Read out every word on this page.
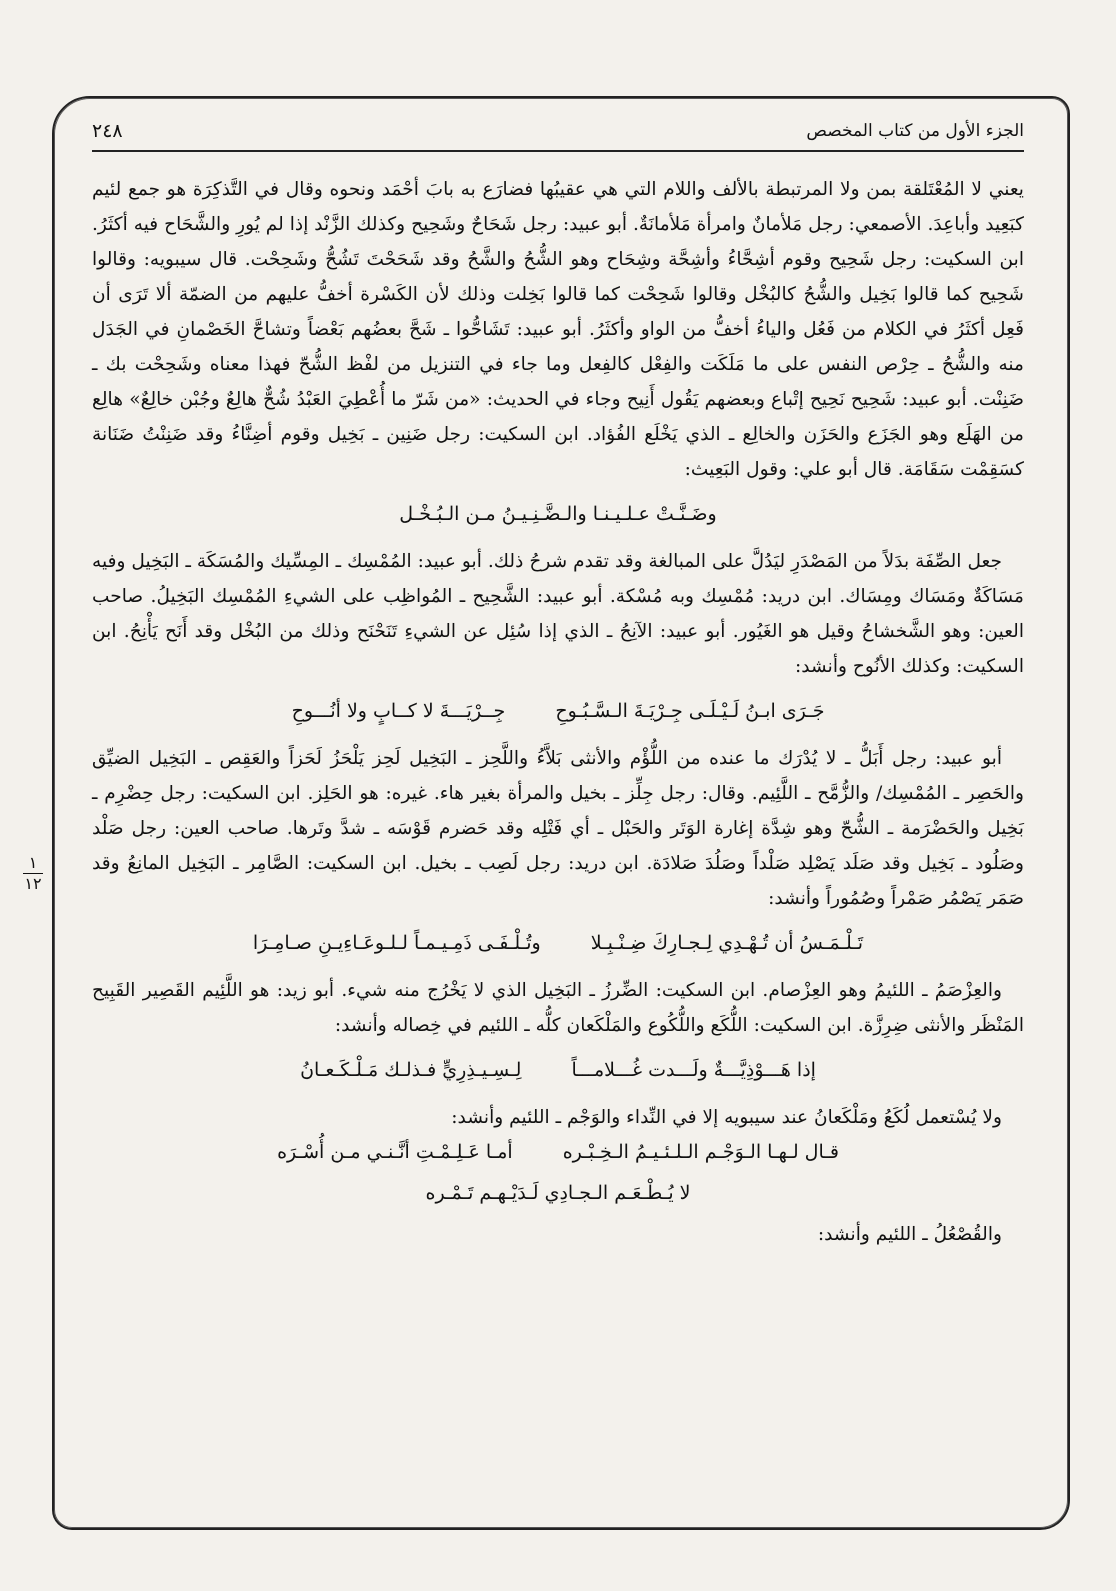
الجزء الأول من كتاب المخصص
٢٤٨
١
١٢

يعني لا المُعْتَلقة بمن ولا المرتبطة بالألف واللام التي هي عقيبُها فضارَع به بابَ أحْمَد ونحوه وقال في التَّذكِرَة هو جمع لئيم كبَعِيد وأباعِدَ. الأصمعي: رجل مَلأمانٌ وامرأة مَلأمانَةٌ. أبو عبيد: رجل شَحَاحٌ وشَحِيح وكذلك الزَّنْد إذا لم يُورِ والشَّحَاح فيه أكثَرُ. ابن السكيت: رجل شَحِيح وقوم أشِحَّاءُ وأشِحَّة وشِحَاح وهو الشُّحُ والشَّحُ وقد شَحَحْتَ تَشُحُّ وشَحِحْت. قال سيبويه: وقالوا شَحِيح كما قالوا بَخِيل والشُّحُ كالبُخْل وقالوا شَحِحْت كما قالوا بَخِلت وذلك لأن الكَسْرة أخفُّ عليهم من الضمّة ألا تَرَى أن فَعِل أكثَرُ في الكلام من فَعُل والياءُ أخفُّ من الواو وأكثَرُ. أبو عبيد: تَشَاحُّوا ـ شَحَّ بعضُهم بَعْضاً وتشاحَّ الخَصْمانِ في الجَدَل منه والشُّحُ ـ حِرْص النفس على ما مَلَكَت والفِعْل كالفِعل وما جاء في التنزيل من لفْظ الشُّحّ فهذا معناه وشَحِحْت بك ـ ضَنِنْت. أبو عبيد: شَحِيح نَحِيح إتْباع وبعضهم يَقُول أَنِيح وجاء في الحديث: «من شَرّ ما أُعْطِيَ العَبْدُ شُحٌّ هالِعٌ وجُبْن خالِعٌ» هالِع من الهَلَع وهو الجَزَع والحَزَن والخالِع ـ الذي يَخْلَع الفُؤاد. ابن السكيت: رجل ضَنِين ـ بَخِيل وقوم أضِنَّاءُ وقد ضَنِنْتُ ضَنَانة كسَقِمْت سَقَامَة. قال أبو علي: وقول البَعِيث:

وضَـنَّـتْ عـلـيـنـا والـضَّـنِـيـنُ مـن الـبُـخْـل

جعل الصِّفَة بدَلاً من المَصْدَرِ ليَدُلَّ على المبالغة وقد تقدم شرحُ ذلك. أبو عبيد: المُمْسِك ـ المِسِّيك والمُسَكَة ـ البَخِيل وفيه مَسَاكَةٌ ومَسَاك ومِسَاك. ابن دريد: مُمْسِك وبه مُسْكة. أبو عبيد: الشَّحِيح ـ المُواظِب على الشيءِ المُمْسِك البَخِيلُ. صاحب العين: وهو الشَّخشاحُ وقيل هو الغَيُور. أبو عبيد: الآنِحُ ـ الذي إذا سُئِل عن الشيءِ تَنَحْنَح وذلك من البُخْل وقد أَنَح يَأْنِحُ. ابن السكيت: وكذلك الأنُوح وأنشد:

جَـرَى ابـنُ لَـيْـلَـى جِـرْيَـةَ الـسَّـبُـوحِ
جِــرْيَـــةَ لا كــابٍ ولا أنُـــوحِ

أبو عبيد: رجل أَبَلُّ ـ لا يُدْرَك ما عنده من اللُّؤْم والأنثى بَلاَّءُ واللَّحِز ـ البَخِيل لَحِز يَلْحَزُ لَحَزاً والعَقِص ـ البَخِيل الضيِّق والحَصِر ـ المُمْسِك/ والزُّمَّح ـ اللَّئِيم. وقال: رجل جِلِّز ـ بخيل والمرأة بغير هاء. غيره: هو الحَلِز. ابن السكيت: رجل حِضْرِم ـ بَخِيل والحَضْرَمة ـ الشُّحّ وهو شِدَّة إغارة الوَتَر والحَبْل ـ أي فَتْلِه وقد حَضرم قَوْسَه ـ شدَّ وتَرها. صاحب العين: رجل صَلْد وصَلُود ـ بَخِيل وقد صَلَد يَصْلِد صَلْداً وصَلُدَ صَلادَة. ابن دريد: رجل لَصِب ـ بخيل. ابن السكيت: الصَّامِر ـ البَخِيل المانِعُ وقد صَمَر يَصْمُر صَمْراً وصُمُوراً وأنشد:

تَـلْـمَـسُ أن تُـهْـدِي لِـجـارِكَ ضِـنْـبِـلا
وتُـلْـفَـى ذَمِـيـمـاً لـلـوعَـاءِيـنِ صـامِـرَا

والعِزْصَمُ ـ اللئيمُ وهو العِزْصام. ابن السكيت: الضِّرزُ ـ البَخِيل الذي لا يَخْرُج منه شيء. أبو زيد: هو اللَّئِيم القَصِير القَبِيح المَنْظَر والأنثى ضِرِزَّة. ابن السكيت: اللُّكَع واللُّكُوع والمَلْكَعان كلُّه ـ اللئيم في خِصاله وأنشد:

إذا هَـــوْذِيَّـــةٌ ولَـــدت غُـــلامـــاً
لِـسِـيـذِرِيٍّ فـذلـك مَـلْـكَـعـانُ

ولا يُسْتعمل لُكَعُ ومَلْكَعانُ عند سيبويه إلا في النِّداء والوَجْم ـ اللئيم وأنشد:

قـال لـهـا الـوَجْـم الـلـئـيـمُ الـخِـبْـره
أمـا عَـلِـمْـتِ أنَّـنـي مـن أُسْـرَه
لا يُـطْـعَـم الـجـادِي لَـدَيْـهـم تَـمْـره

والقُصْعُلُ ـ اللئيم وأنشد:
